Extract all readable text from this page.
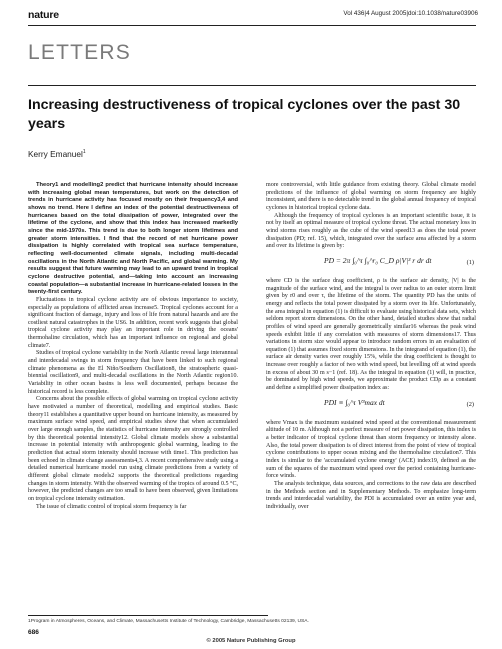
nature	Vol 436|4 August 2005|doi:10.1038/nature03906
LETTERS
Increasing destructiveness of tropical cyclones over the past 30 years
Kerry Emanuel$^1$

Theory1 and modelling2 predict that hurricane intensity should increase with increasing global mean temperatures, but work on the detection of trends in hurricane activity has focused mostly on their frequency3,4 and shows no trend. Here I define an index of the potential destructiveness of hurricanes based on the total dissipation of power, integrated over the lifetime of the cyclone, and show that this index has increased markedly since the mid-1970s. This trend is due to both longer storm lifetimes and greater storm intensities. I find that the record of net hurricane power dissipation is highly correlated with tropical sea surface temperature, reflecting well-documented climate signals, including multi-decadal oscillations in the North Atlantic and North Pacific, and global warming. My results suggest that future warming may lead to an upward trend in tropical cyclone destructive potential, and—taking into account an increasing coastal population—a substantial increase in hurricane-related losses in the twenty-first century.

Fluctuations in tropical cyclone activity are of obvious importance to society, especially as populations of afflicted areas increase5. Tropical cyclones account for a significant fraction of damage, injury and loss of life from natural hazards and are the costliest natural catastrophes in the US6. In addition, recent work suggests that global tropical cyclone activity may play an important role in driving the oceans' thermohaline circulation, which has an important influence on regional and global climate7.

Studies of tropical cyclone variability in the North Atlantic reveal large interannual and interdecadal swings in storm frequency that have been linked to such regional climate phenomena as the El Niño/Southern Oscillation8, the stratospheric quasi-biennial oscillation9, and multi-decadal oscillations in the North Atlantic region10. Variability in other ocean basins is less well documented, perhaps because the historical record is less complete.

Concerns about the possible effects of global warming on tropical cyclone activity have motivated a number of theoretical, modelling and empirical studies. Basic theory11 establishes a quantitative upper bound on hurricane intensity, as measured by maximum surface wind speed, and empirical studies show that when accumulated over large enough samples, the statistics of hurricane intensity are strongly controlled by this theoretical potential intensity12. Global climate models show a substantial increase in potential intensity with anthropogenic global warming, leading to the prediction that actual storm intensity should increase with time1. This prediction has been echoed in climate change assessments4,3. A recent comprehensive study using a detailed numerical hurricane model run using climate predictions from a variety of different global climate models2 supports the theoretical predictions regarding changes in storm intensity. With the observed warming of the tropics of around 0.5 °C, however, the predicted changes are too small to have been observed, given limitations on tropical cyclone intensity estimation.

The issue of climatic control of tropical storm frequency is far

more controversial, with little guidance from existing theory. Global climate model predictions of the influence of global warming on storm frequency are highly inconsistent, and there is no detectable trend in the global annual frequency of tropical cyclones in historical tropical cyclone data.

Although the frequency of tropical cyclones is an important scientific issue, it is not by itself an optimal measure of tropical cyclone threat. The actual monetary loss in wind storms rises roughly as the cube of the wind speed13 as does the total power dissipation (PD; ref. 15), which, integrated over the surface area affected by a storm and over its lifetime is given by:

PD = 2π ∫₀^τ ∫₀^r₀ C_D ρ|V|³ r dr dt	(1)

where CD is the surface drag coefficient, ρ is the surface air density, |V| is the magnitude of the surface wind, and the integral is over radius to an outer storm limit given by r0 and over τ, the lifetime of the storm. The quantity PD has the units of energy and reflects the total power dissipated by a storm over its life. Unfortunately, the area integral in equation (1) is difficult to evaluate using historical data sets, which seldom report storm dimensions. On the other hand, detailed studies show that radial profiles of wind speed are generally geometrically similar16 whereas the peak wind speeds exhibit little if any correlation with measures of storm dimensions17. Thus variations in storm size would appear to introduce random errors in an evaluation of equation (1) that assumes fixed storm dimensions. In the integrand of equation (1), the surface air density varies over roughly 15%, while the drag coefficient is thought to increase over roughly a factor of two with wind speed, but levelling off at wind speeds in excess of about 30 m s−1 (ref. 18). As the integral in equation (1) will, in practice, be dominated by high wind speeds, we approximate the product CDρ as a constant and define a simplified power dissipation index as:

PDI ≡ ∫₀^τ V³max dt	(2)

where Vmax is the maximum sustained wind speed at the conventional measurement altitude of 10 m. Although not a perfect measure of net power dissipation, this index is a better indicator of tropical cyclone threat than storm frequency or intensity alone. Also, the total power dissipation is of direct interest from the point of view of tropical cyclone contributions to upper ocean mixing and the thermohaline circulation7. This index is similar to the 'accumulated cyclone energy' (ACE) index19, defined as the sum of the squares of the maximum wind speed over the period containing hurricane-force winds.

The analysis technique, data sources, and corrections to the raw data are described in the Methods section and in Supplementary Methods. To emphasize long-term trends and interdecadal variability, the PDI is accumulated over an entire year and, individually, over

1Program in Atmospheres, Oceans, and Climate, Massachusetts Institute of Technology, Cambridge, Massachusetts 02139, USA.
686
© 2005 Nature Publishing Group
